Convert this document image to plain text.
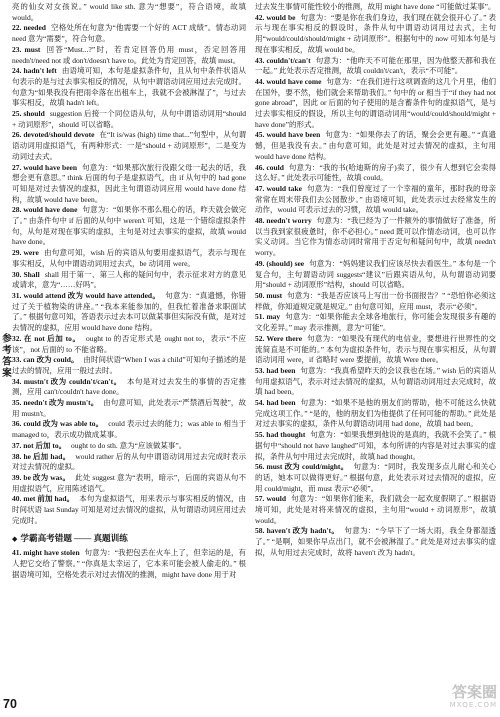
参考答案

亮的仙女对女孩说。” would like sth. 意为“想要”，符合语境，故填 would。

22. needed 空格处所在句意为“他需要一个好的 ACT 成绩”。情态动词 need 意为“需要”，符合句意。

23. must 回答“Must...?”时，若肯定回答仍用 must，否定回答用 needn't/need not 或 don't/doesn't have to。此处为肯定回答，故填 must。

24. hadn't left 由语境可知，本句是虚拟条件句，且从句中条件状语从句表示的是与过去事实相反的情况，从句中谓语动词应用过去完成时。句意为“如果我没有把雨伞落在出租车上，我就不会被淋湿了”，与过去事实相反，故填 hadn't left。

25. should suggestion 后接一个同位语从句，从句中谓语动词用“should + 动词原形”，should 可以省略。

26. devoted/should devote 在“It is/was (high) time that...”句型中，从句谓语动词用虚拟语气，有两种形式：一是“should + 动词原形”，二是变为动词过去式。

27. would have been 句意为：“如果那次旅行没跟父母一起去的话，我想会更有意思。” think 后面的句子是虚拟语气，由 if 从句中的 had gone 可知是对过去情况的虚拟，因此主句谓语动词应用 would have done 结构，故填 would have been。

28. would have done 句意为：“如果你不那么粗心的话，昨天就会做完了。” 由条件句中 if 后面的从句中 weren't 可知，这是一个错综虚拟条件句，从句是对现在事实的虚拟，主句是对过去事实的虚拟，故填 would have done。

29. were 由句意可知，wish 后的宾语从句要用虚拟语气，表示与现在事实相反，从句中谓语动词用过去式，be 动词用 were。

30. Shall shall 用于第一、第三人称的疑问句中，表示征求对方的意见或请求，意为“……好吗”。

31. would attend 改为 would have attended。 句意为：“真遗憾，你错过了关于植物染的讲座。” “我本来能参加的，但我忙着准备求职面试了。” 根据句意可知，答语表示过去本可以做某事但实际没有做，是对过去情况的虚拟，应用 would have done 结构。

32. 在 not 后加 to。 ought to 的否定形式是 ought not to，表示“不应该”，not 后面的 to 不能省略。

33. can 改为 could。 由时间状语“When I was a child”可知句子描述的是过去的情况，应用一般过去时。

34. mustn't 改为 couldn't/can't。 本句是对过去发生的事情的否定推测，应用 can't/couldn't have done。

35. needn't 改为 mustn't。 由句意可知，此处表示“严禁酒后驾驶”，故用 mustn't。

36. could 改为 was able to。 could 表示过去的能力；was able to 相当于 managed to，表示成功做成某事。

37. not 后加 to。 ought to do sth. 意为“应该做某事”。

38. he 后加 had。 would rather 后的从句中谓语动词用过去完成时表示对过去情况的虚拟。

39. be 改为 was。 此处 suggest 意为“表明，暗示”，后面的宾语从句不用虚拟语气，应用陈述语气。

40. met 前加 had。 本句为虚拟语气，用来表示与事实相反的情况，由时间状语 last Sunday 可知是对过去情况的虚拟，从句谓语动词应用过去完成时。

◆ 学霸高考错题 —— 真题训练

41. might have stolen 句意为：“我把包丢在火车上了，但幸运的是，有人把它交给了警察。” “你真是太幸运了，它本来可能会被人偷走的。” 根据语境可知，空格处表示对过去情况的推测，might have done 用于对

过去发生事情可能性较小的推测，故用 might have done “可能做过某事”。

42. would be 句意为：“要是你在我们身边，我们现在就会很开心了。” 表示与现在事实相反的假设时，条件从句中谓语动词用过去式，主句用“would/could/should/might + 动词原形”。根据句中的 now 可知本句是与现在事实相反，故填 would be。

43. couldn't/can't 句意为：“他昨天不可能在那里，因为他整天都和我在一起。” 此处表示否定推测，故填 couldn't/can't，表示“不可能”。

44. would have come 句意为：“在我们进行这项调查的这几个月里，他们在国外，要不然，他们就会来帮助我们。” 句中的 or 相当于“if they had not gone abroad”，因此 or 后面的句子使用的是含蓄条件句的虚拟语气，是与过去事实相反的假设，所以主句的谓语动词用“would/could/should/might + have done”的形式。

45. would have been 句意为：“如果你去了的话，聚会会更有趣。” “真遗憾，但是我没有去。” 由句意可知，此处是对过去情况的虚拟，主句用 would have done 结构。

46. could 句意为：“我的书(哈迪斯的房子)卖了，很少有人想到它会卖得这么好。” 此处表示可能性，故填 could。

47. would take 句意为：“我们曾度过了一个幸福的童年，那时我的母亲常常在周末带我们去公园散步。” 由语境可知，此处表示过去经常发生的动作，would 可表示过去的习惯，故填 would take。

48. needn't worry 句意为：“我已经为了一件额外的事情做好了准备，所以当我到家很疲惫时，你不必担心。” need 既可以作情态动词，也可以作实义动词。当它作为情态动词时常用于否定句和疑问句中，故填 needn't worry。

49. (should) see 句意为：“妈妈建议我们应该尽快去看医生。” 本句是一个复合句，主句谓语动词 suggests“建议”后跟宾语从句，从句谓语动词要用“should + 动词原形”结构，should 可以省略。

50. must 句意为：“我是否应该马上写出一份书面报告？” “恐怕你必须这样做，你知道规定就是规定。” 由句意可知，应用 must，表示“必须”。

51. may 句意为：“如果你能去全球各地旅行，你可能会发现很多有趣的文化差异。” may 表示推测，意为“可能”。

52. Were there 句意为：“如果没有现代的电信业，要想进行世界性的交流简直是不可能的。” 本句为虚拟条件句，表示与现在事实相反，从句谓语动词用 were，if 省略时 were 要提前，故填 Were there。

53. had been 句意为：“我真希望昨天的会议我也在场。” wish 后的宾语从句用虚拟语气，表示对过去情况的虚拟，从句谓语动词用过去完成时，故填 had been。

54. had been 句意为：“如果不是他的朋友们的帮助，他不可能这么快就完成这项工作。” “是的，他的朋友们为他提供了任何可能的帮助。” 此处是对过去事实的虚拟，条件从句谓语动词用 had done，故填 had been。

55. had thought 句意为：“如果我想到他说的是真的，我就不会笑了。” 根据句中“should not have laughed”可知，本句所讲的内容是对过去事实的虚拟，条件从句中用过去完成时，故填 had thought。

56. must 改为 could/might。 句意为：“同时，我发现多点儿耐心和关心的话，她本可以做得更好。” 根据句意，此处表示对过去情况的虚拟，应用 could/might，而 must 表示“必须”。

57. would 句意为：“如果你们能来，我们就会一起欢度假期了。” 根据语境可知，此处是对将来情况的虚拟，主句用“would + 动词原形”，故填 would。

58. haven't 改为 hadn't。 句意为：“今早下了一场大雨，我全身都湿透了。” “是啊，如果你早点出门，就不会被淋湿了。” 此处是对过去事实的虚拟，从句用过去完成时，故将 haven't 改为 hadn't。

70
答案圈
MXQE.COM
